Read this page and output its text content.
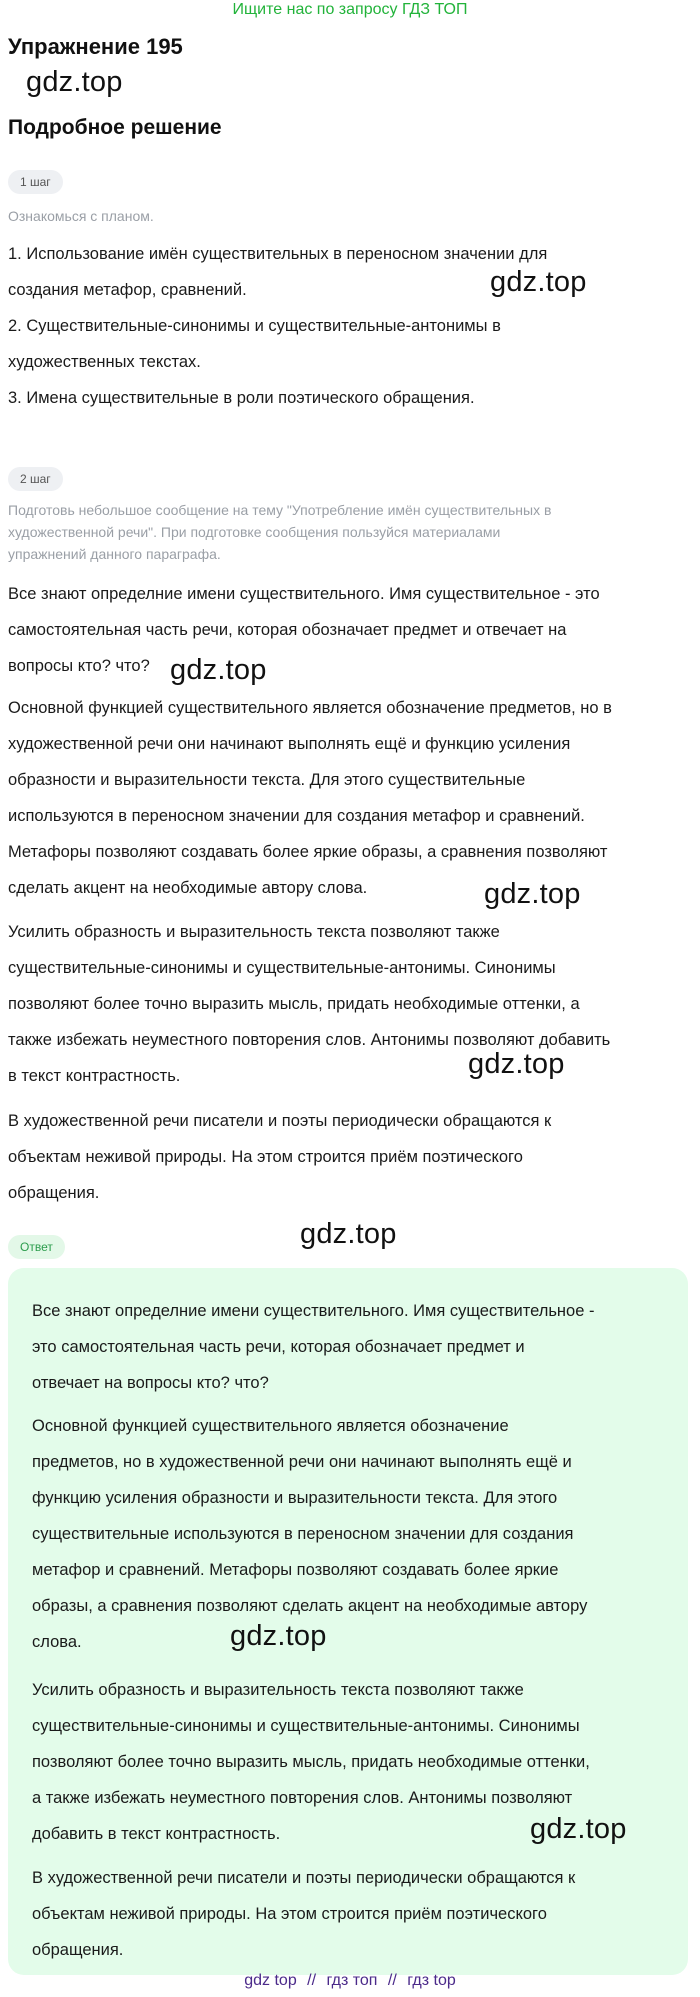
Ищите нас по запросу ГДЗ ТОП
Упражнение 195
gdz.top
Подробное решение
1 шаг
Ознакомься с планом.
1. Использование имён существительных в переносном значении для
создания метафор, сравнений.
2. Существительные-синонимы и существительные-антонимы в
художественных текстах.
3. Имена существительные в роли поэтического обращения.
gdz.top
2 шаг
Подготовь небольшое сообщение на тему "Употребление имён существительных в
художественной речи". При подготовке сообщения пользуйся материалами
упражнений данного параграфа.
Все знают определние имени существительного. Имя существительное - это
самостоятельная часть речи, которая обозначает предмет и отвечает на
вопросы кто? что? gdz.top
Основной функцией существительного является обозначение предметов, но в
художественной речи они начинают выполнять ещё и функцию усиления
образности и выразительности текста. Для этого существительные
используются в переносном значении для создания метафор и сравнений.
Метафоры позволяют создавать более яркие образы, а сравнения позволяют
сделать акцент на необходимые автору слова.	gdz.top
Усилить образность и выразительность текста позволяют также
существительные-синонимы и существительные-антонимы. Синонимы
позволяют более точно выразить мысль, придать необходимые оттенки, а
также избежать неуместного повторения слов. Антонимы позволяют добавить
в текст контрастность.	gdz.top
В художественной речи писатели и поэты периодически обращаются к
объектам неживой природы. На этом строится приём поэтического
обращения.
Ответ	gdz.top
Все знают определние имени существительного. Имя существительное -
это самостоятельная часть речи, которая обозначает предмет и
отвечает на вопросы кто? что?
Основной функцией существительного является обозначение
предметов, но в художественной речи они начинают выполнять ещё и
функцию усиления образности и выразительности текста. Для этого
существительные используются в переносном значении для создания
метафор и сравнений. Метафоры позволяют создавать более яркие
образы, а сравнения позволяют сделать акцент на необходимые автору
слова.	gdz.top
Усилить образность и выразительность текста позволяют также
существительные-синонимы и существительные-антонимы. Синонимы
позволяют более точно выразить мысль, придать необходимые оттенки,
а также избежать неуместного повторения слов. Антонимы позволяют
добавить в текст контрастность.	gdz.top
В художественной речи писатели и поэты периодически обращаются к
объектам неживой природы. На этом строится приём поэтического
обращения.
gdz top // гдз топ // гдз top
